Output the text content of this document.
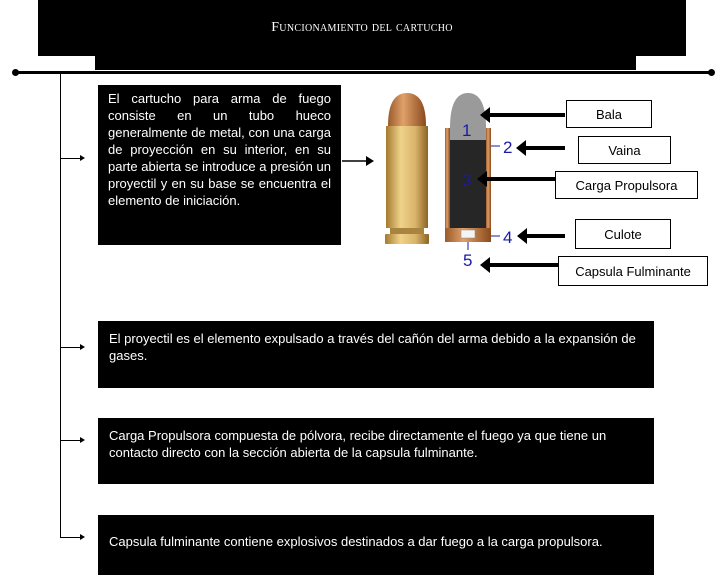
Funcionamiento del cartucho
El cartucho para arma de fuego consiste en un tubo hueco generalmente de metal, con una carga de proyección en su interior, en su parte abierta se introduce a presión un proyectil y en su base se encuentra el elemento de iniciación.
1
2
3
4
5
Bala
Vaina
Carga Propulsora
Culote
Capsula Fulminante
El proyectil es el elemento expulsado a través del cañón del arma debido a la expansión de gases.
Carga Propulsora compuesta de pólvora, recibe directamente el fuego ya que tiene un contacto directo con la sección abierta de la capsula fulminante.
Capsula fulminante contiene explosivos destinados a dar fuego a la carga propulsora.
